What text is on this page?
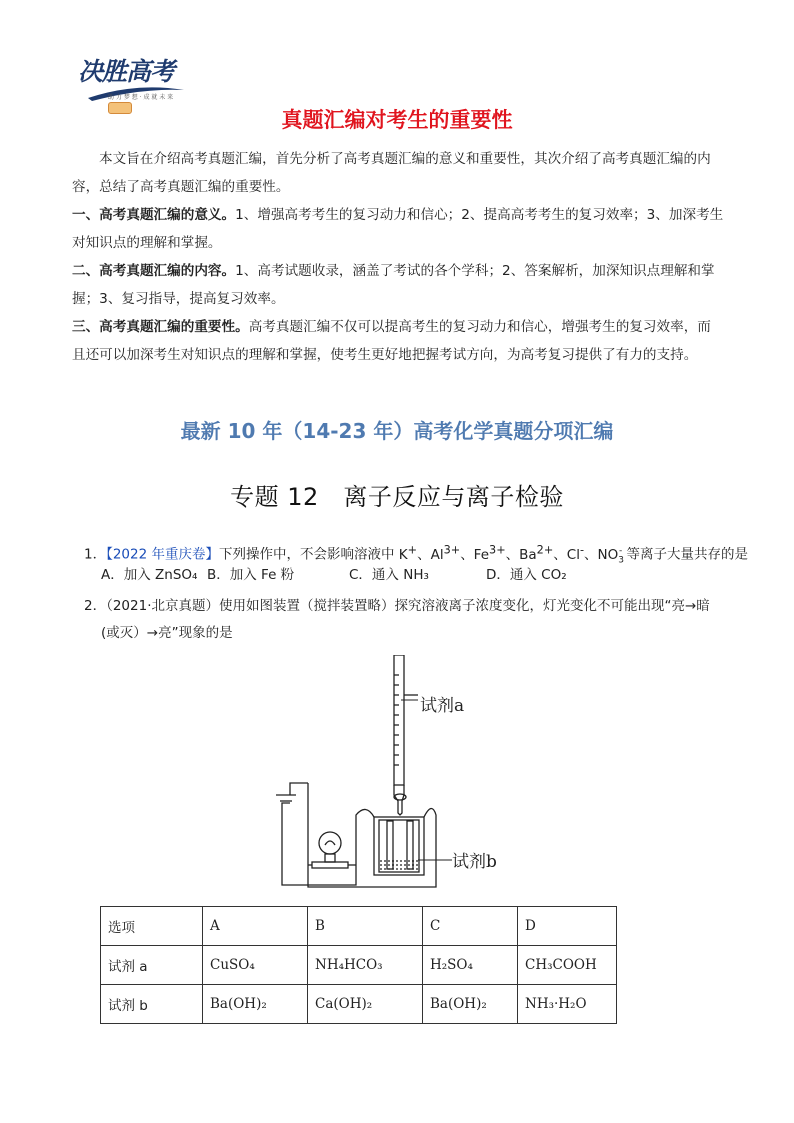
决胜高考
助 力 梦 想 · 成 就 未 来
真题汇编对考生的重要性
本文旨在介绍高考真题汇编，首先分析了高考真题汇编的意义和重要性，其次介绍了高考真题汇编的内容，总结了高考真题汇编的重要性。
一、高考真题汇编的意义。1、增强高考考生的复习动力和信心；2、提高高考考生的复习效率；3、加深考生对知识点的理解和掌握。
二、高考真题汇编的内容。1、高考试题收录，涵盖了考试的各个学科；2、答案解析，加深知识点理解和掌握；3、复习指导，提高复习效率。
三、高考真题汇编的重要性。高考真题汇编不仅可以提高考生的复习动力和信心，增强考生的复习效率，而且还可以加深考生对知识点的理解和掌握，使考生更好地把握考试方向，为高考复习提供了有力的支持。
最新 10 年（14-23 年）高考化学真题分项汇编
专题 12　离子反应与离子检验
1．【2022 年重庆卷】下列操作中，不会影响溶液中 K+、$Al^{3+}$、$Fe^{3+}$、$Ba^{2+}$、Cl-、$NO_3^-$ 等离子大量共存的是
A．加入 ZnSO₄ B．加入 Fe 粉	C．通入 NH₃	D．通入 CO₂
2．（2021·北京真题）使用如图装置（搅拌装置略）探究溶液离子浓度变化，灯光变化不可能出现“亮→暗
(或灭）→亮”现象的是
试剂a
试剂b
选项	A	B	C	D
试剂 a	CuSO₄	NH₄HCO₃	H₂SO₄	CH₃COOH
试剂 b	Ba(OH)₂	Ca(OH)₂	Ba(OH)₂	NH₃·H₂O
